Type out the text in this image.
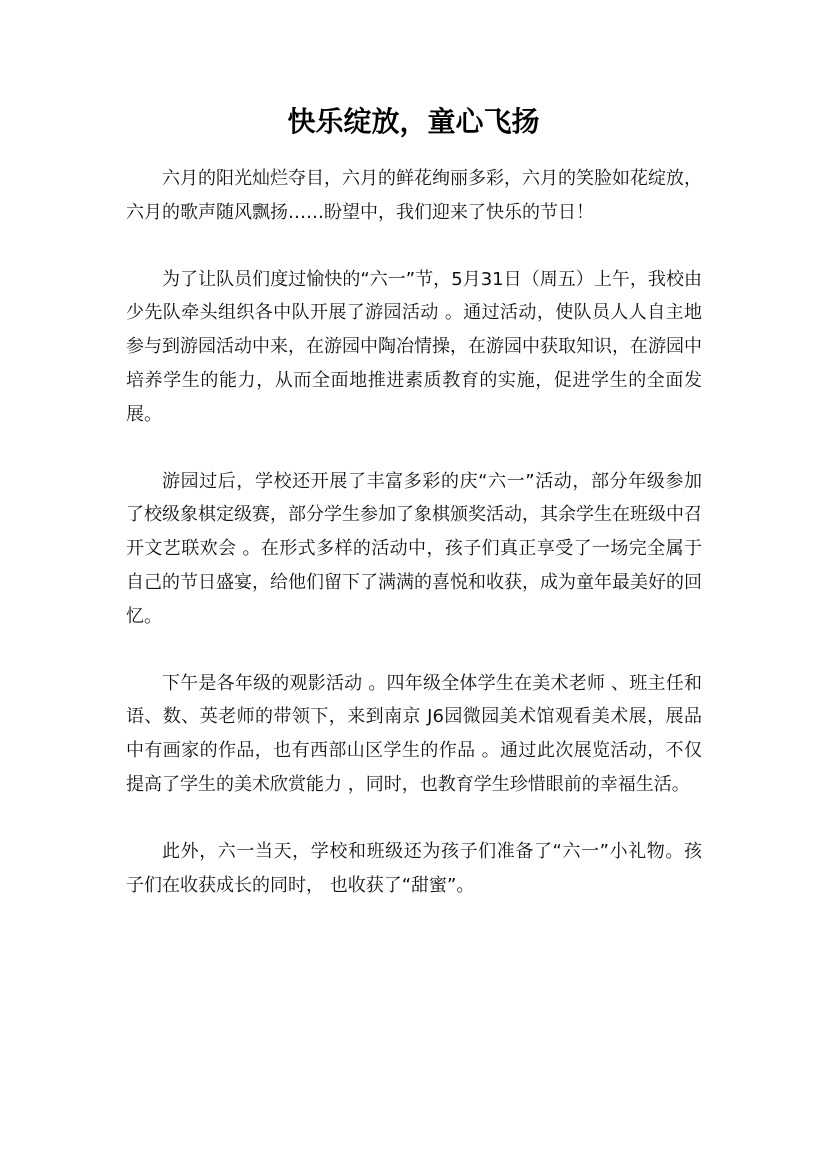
快乐绽放，童心飞扬

六月的阳光灿烂夺目，六月的鲜花绚丽多彩，六月的笑脸如花绽放，六月的歌声随风飘扬……盼望中，我们迎来了快乐的节日！

为了让队员们度过愉快的“六一”节，5月31日（周五）上午，我校由少先队牵头组织各中队开展了游园活动 。通过活动，使队员人人自主地参与到游园活动中来，在游园中陶冶情操，在游园中获取知识，在游园中培养学生的能力，从而全面地推进素质教育的实施，促进学生的全面发展。

游园过后，学校还开展了丰富多彩的庆“六一”活动，部分年级参加了校级象棋定级赛，部分学生参加了象棋颁奖活动，其余学生在班级中召开文艺联欢会 。在形式多样的活动中，孩子们真正享受了一场完全属于自己的节日盛宴，给他们留下了满满的喜悦和收获，成为童年最美好的回忆。

下午是各年级的观影活动 。四年级全体学生在美术老师 、班主任和语、数、英老师的带领下，来到南京 J6园微园美术馆观看美术展，展品中有画家的作品，也有西部山区学生的作品 。通过此次展览活动，不仅提高了学生的美术欣赏能力 ，同时，也教育学生珍惜眼前的幸福生活。

此外，六一当天，学校和班级还为孩子们准备了“六一”小礼物。孩子们在收获成长的同时， 也收获了“甜蜜”。
